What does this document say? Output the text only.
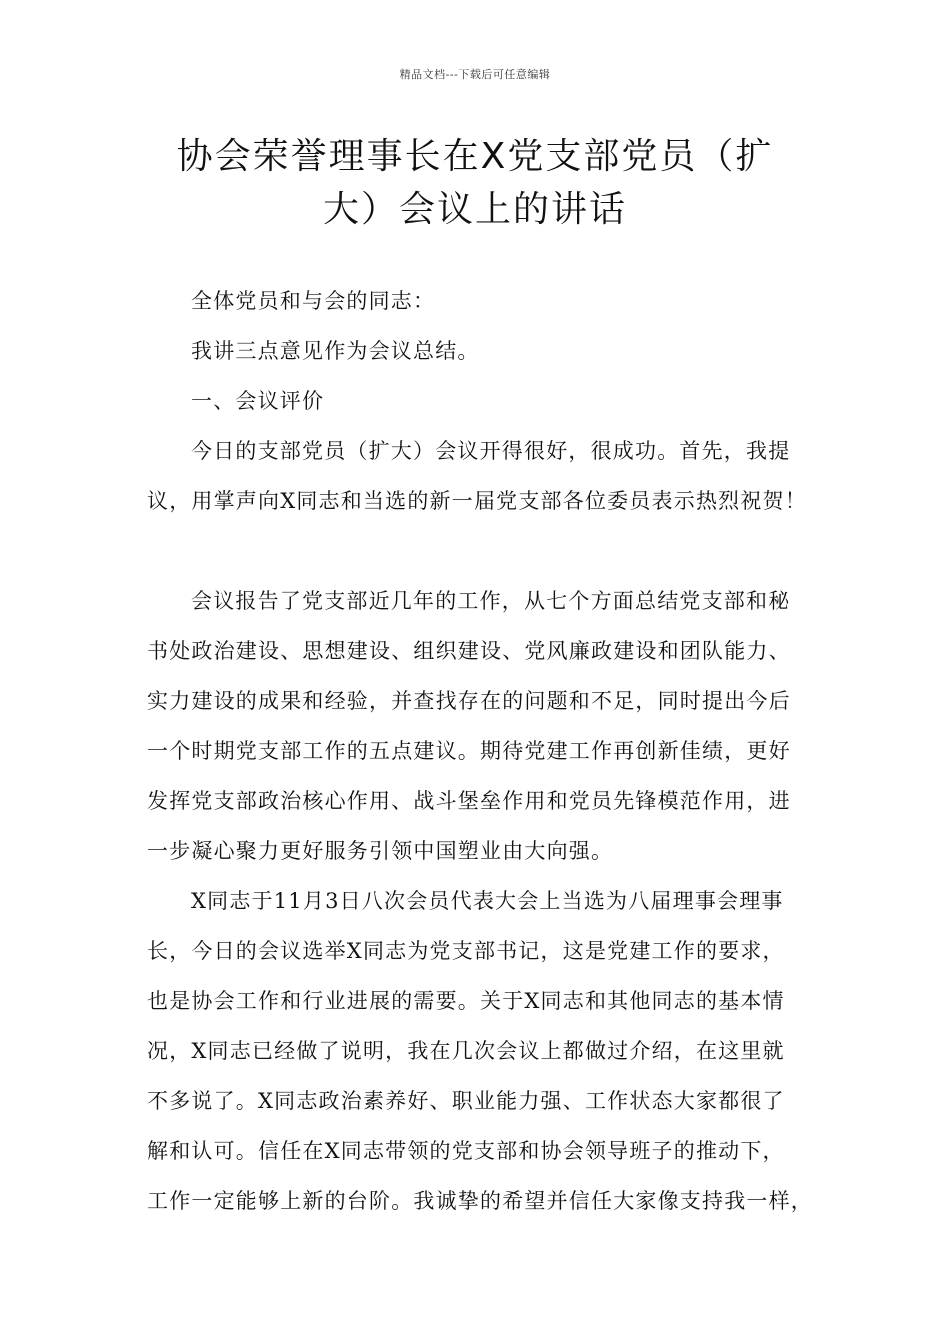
精品文档---下载后可任意编辑
协会荣誉理事长在X党支部党员（扩
大）会议上的讲话

全体党员和与会的同志：

我讲三点意见作为会议总结。

一、会议评价

今日的支部党员（扩大）会议开得很好，很成功。首先，我提
议，用掌声向X同志和当选的新一届党支部各位委员表示热烈祝贺！

会议报告了党支部近几年的工作，从七个方面总结党支部和秘
书处政治建设、思想建设、组织建设、党风廉政建设和团队能力、
实力建设的成果和经验，并查找存在的问题和不足，同时提出今后
一个时期党支部工作的五点建议。期待党建工作再创新佳绩，更好
发挥党支部政治核心作用、战斗堡垒作用和党员先锋模范作用，进
一步凝心聚力更好服务引领中国塑业由大向强。

X同志于11月3日八次会员代表大会上当选为八届理事会理事
长，今日的会议选举X同志为党支部书记，这是党建工作的要求，
也是协会工作和行业进展的需要。关于X同志和其他同志的基本情
况，X同志已经做了说明，我在几次会议上都做过介绍，在这里就
不多说了。X同志政治素养好、职业能力强、工作状态大家都很了
解和认可。信任在X同志带领的党支部和协会领导班子的推动下，
工作一定能够上新的台阶。我诚挚的希望并信任大家像支持我一样，
